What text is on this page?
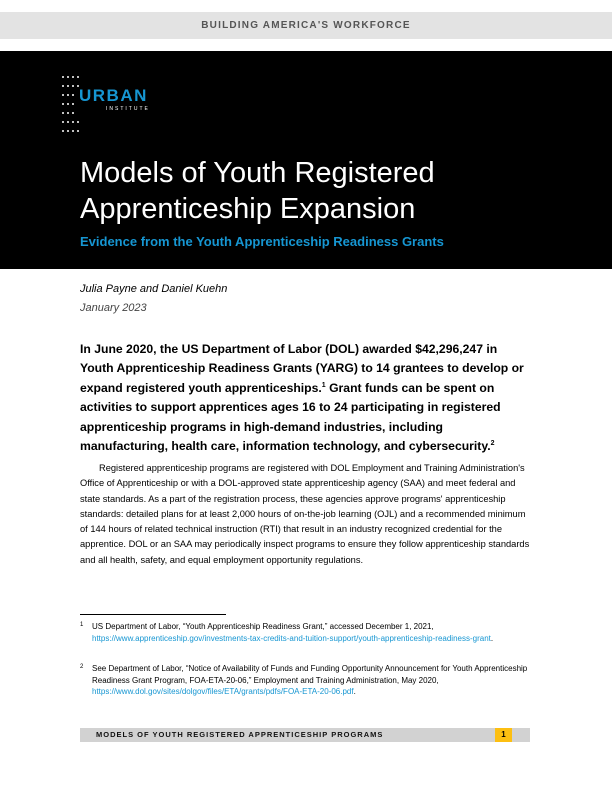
BUILDING AMERICA'S WORKFORCE
URBAN
INSTITUTE
Models of Youth Registered Apprenticeship Expansion
Evidence from the Youth Apprenticeship Readiness Grants
Julia Payne and Daniel Kuehn
January 2023

In June 2020, the US Department of Labor (DOL) awarded $42,296,247 in Youth Apprenticeship Readiness Grants (YARG) to 14 grantees to develop or expand registered youth apprenticeships.$^1$ Grant funds can be spent on activities to support apprentices ages 16 to 24 participating in registered apprenticeship programs in high-demand industries, including manufacturing, health care, information technology, and cybersecurity.$^2$

Registered apprenticeship programs are registered with DOL Employment and Training Administration's Office of Apprenticeship or with a DOL-approved state apprenticeship agency (SAA) and meet federal and state standards. As a part of the registration process, these agencies approve programs' apprenticeship standards: detailed plans for at least 2,000 hours of on-the-job learning (OJL) and a recommended minimum of 144 hours of related technical instruction (RTI) that result in an industry recognized credential for the apprentice. DOL or an SAA may periodically inspect programs to ensure they follow apprenticeship standards and all health, safety, and equal employment opportunity regulations.

1	US Department of Labor, “Youth Apprenticeship Readiness Grant,” accessed December 1, 2021, https://www.apprenticeship.gov/investments-tax-credits-and-tuition-support/youth-apprenticeship-readiness-grant.
2	See Department of Labor, “Notice of Availability of Funds and Funding Opportunity Announcement for Youth Apprenticeship Readiness Grant Program, FOA-ETA-20-06,” Employment and Training Administration, May 2020, https://www.dol.gov/sites/dolgov/files/ETA/grants/pdfs/FOA-ETA-20-06.pdf.
MODELS OF YOUTH REGISTERED APPRENTICESHIP PROGRAMS	1
